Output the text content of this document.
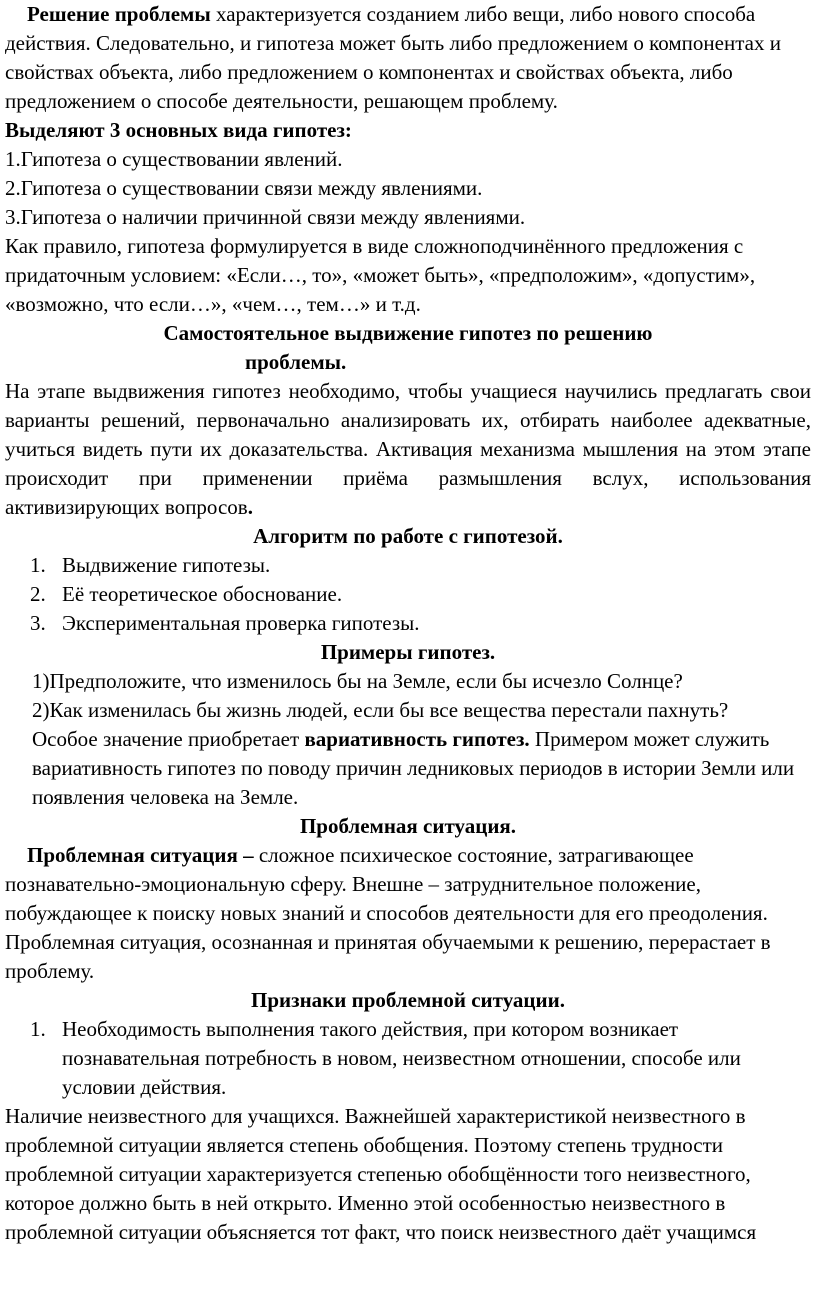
Решение проблемы характеризуется созданием либо вещи, либо нового способа действия. Следовательно, и гипотеза может быть либо предложением о компонентах и свойствах объекта, либо предложением о компонентах и свойствах объекта, либо предложением о способе деятельности, решающем проблему.

Выделяют 3 основных вида гипотез:

1.Гипотеза о существовании явлений.

2.Гипотеза о существовании связи между явлениями.

3.Гипотеза о наличии причинной связи между явлениями.

Как правило, гипотеза формулируется в виде сложноподчинённого предложения с придаточным условием: «Если…, то», «может быть», «предположим», «допустим», «возможно, что если…», «чем…, тем…» и т.д.

Самостоятельное выдвижение гипотез по решению

проблемы.

На этапе выдвижения гипотез необходимо, чтобы учащиеся научились предлагать свои варианты решений, первоначально анализировать их, отбирать наиболее адекватные, учиться видеть пути их доказательства. Активация механизма мышления на этом этапе происходит при применении приёма размышления вслух, использования активизирующих вопросов.

Алгоритм по работе с гипотезой.

1. Выдвижение гипотезы.
2. Её теоретическое обоснование.
3. Экспериментальная проверка гипотезы.

Примеры гипотез.

1)Предположите, что изменилось бы на Земле, если бы исчезло Солнце?

2)Как изменилась бы жизнь людей, если бы все вещества перестали пахнуть?

Особое значение приобретает вариативность гипотез. Примером может служить вариативность гипотез по поводу причин ледниковых периодов в истории Земли или появления человека на Земле.

Проблемная ситуация.

Проблемная ситуация – сложное психическое состояние, затрагивающее познавательно-эмоциональную сферу. Внешне – затруднительное положение, побуждающее к поиску новых знаний и способов деятельности для его преодоления. Проблемная ситуация, осознанная и принятая обучаемыми к решению, перерастает в проблему.

Признаки проблемной ситуации.

1. Необходимость выполнения такого действия, при котором возникает познавательная потребность в новом, неизвестном отношении, способе или условии действия.

Наличие неизвестного для учащихся. Важнейшей характеристикой неизвестного в проблемной ситуации является степень обобщения. Поэтому степень трудности проблемной ситуации характеризуется степенью обобщённости того неизвестного, которое должно быть в ней открыто. Именно этой особенностью неизвестного в проблемной ситуации объясняется тот факт, что поиск неизвестного даёт учащимся
